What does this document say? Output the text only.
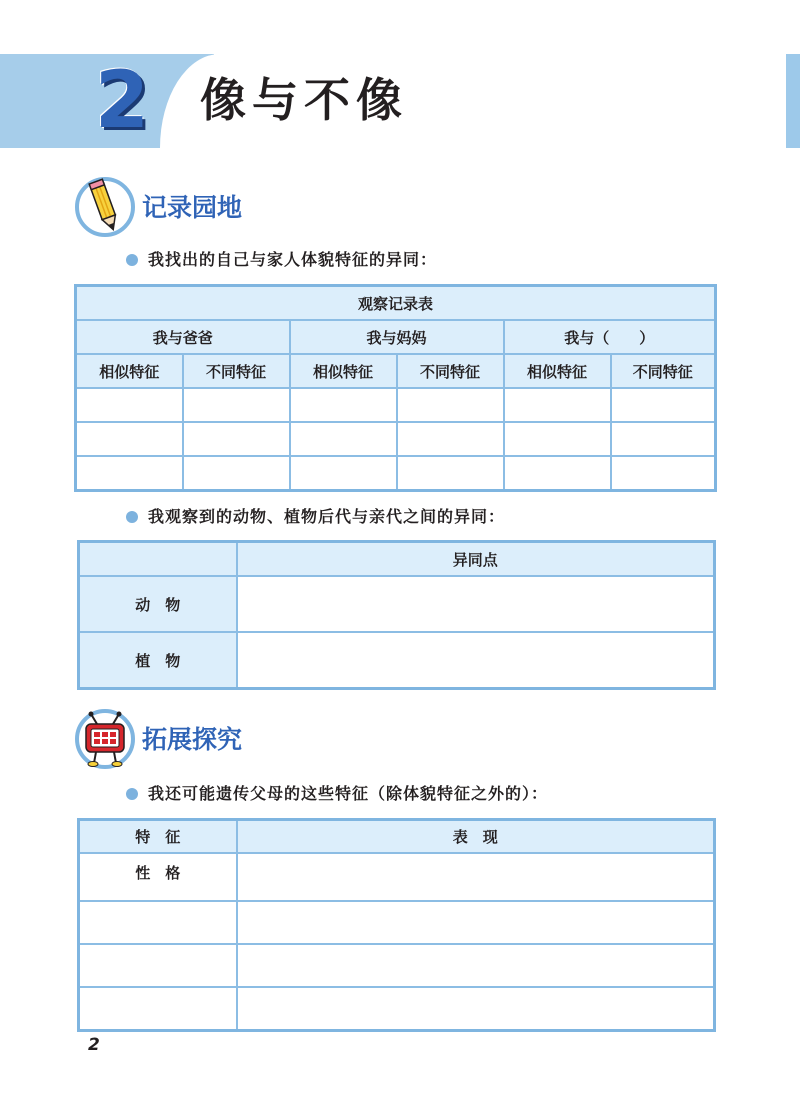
2 像与不像
记录园地
我找出的自己与家人体貌特征的异同：
观察记录表					
我与爸爸		我与妈妈		我与（　　）	
相似特征	不同特征	相似特征	不同特征	相似特征	不同特征

我观察到的动物、植物后代与亲代之间的异同：
	异同点
动　物	
植　物	
拓展探究
我还可能遗传父母的这些特征（除体貌特征之外的）：
特　征	表　现
性　格	

2
